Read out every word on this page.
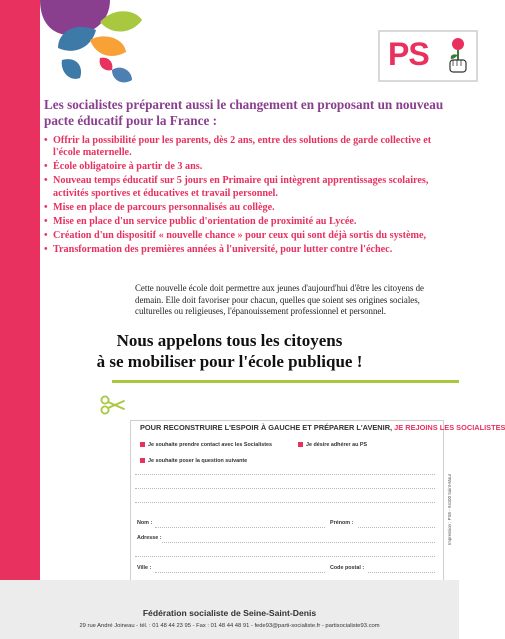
PS

Les socialistes préparent aussi le changement en proposant un nouveau pacte éducatif pour la France :

• Offrir la possibilité pour les parents, dès 2 ans, entre des solutions de garde collective et l'école maternelle.
• École obligatoire à partir de 3 ans.
• Nouveau temps éducatif sur 5 jours en Primaire qui intègrent apprentissages scolaires, activités sportives et éducatives et travail personnel.
• Mise en place de parcours personnalisés au collège.
• Mise en place d'un service public d'orientation de proximité au Lycée.
• Création d'un dispositif « nouvelle chance » pour ceux qui sont déjà sortis du système,
• Transformation des premières années à l'université, pour lutter contre l'échec.
Cette nouvelle école doit permettre aux jeunes d'aujourd'hui d'être les citoyens de demain. Elle doit favoriser pour chacun, quelles que soient ses origines sociales, culturelles ou religieuses, l'épanouissement professionnel et personnel.
Nous appelons tous les citoyens
à se mobiliser pour l'école publique !
POUR RECONSTRUIRE L'ESPOIR À GAUCHE ET PRÉPARER L'AVENIR, JE REJOINS LES SOCIALISTES
Je souhaite prendre contact avec les Socialistes	Je désire adhérer au PS
Je souhaite poser la question suivante
Nom :	Prénom :
Adresse :
Ville :	Code postal :
Impression : PSE - 94100 Saint-Maur
Fédération socialiste de Seine-Saint-Denis
29 rue André Joineau - tél. : 01 48 44 23 95 - Fax : 01 48 44 48 91 - fede93@parti-socialiste.fr - partisocialiste93.com
